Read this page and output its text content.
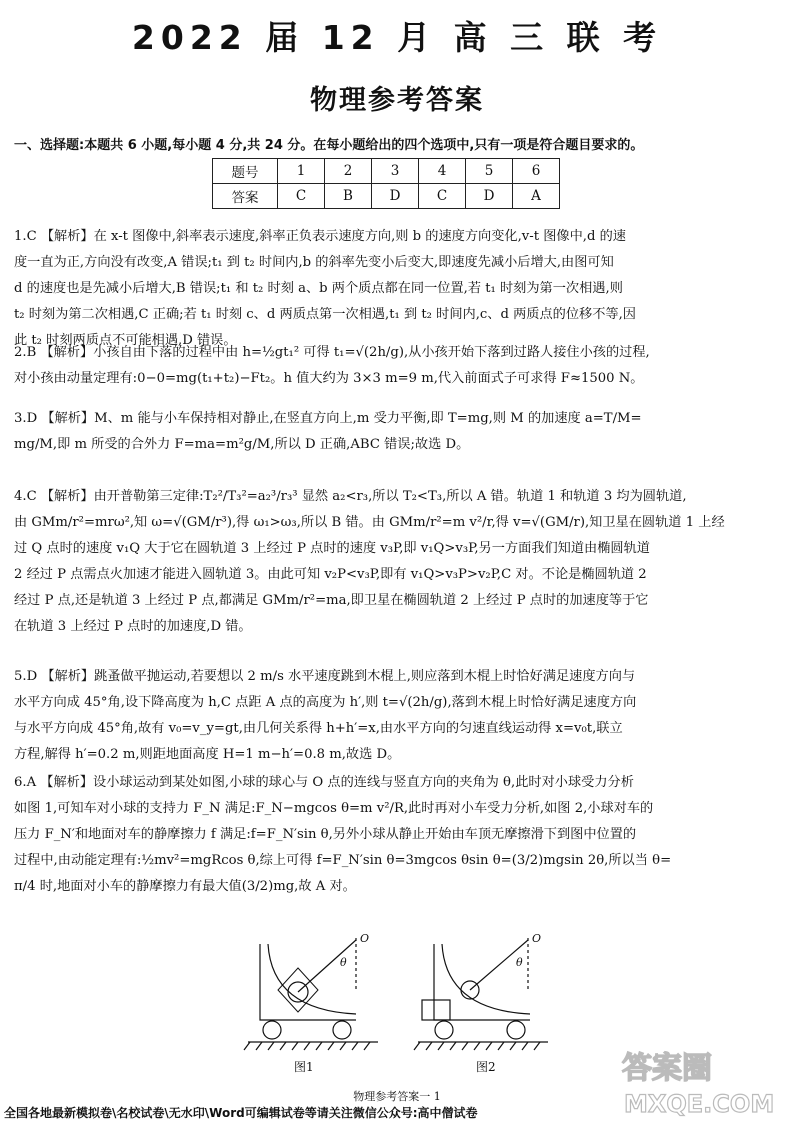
2022 届 12 月 高 三 联 考
物理参考答案
一、选择题:本题共 6 小题,每小题 4 分,共 24 分。在每小题给出的四个选项中,只有一项是符合题目要求的。
题号	1	2	3	4	5	6
答案	C	B	D	C	D	A

1.C 【解析】在 x-t 图像中,斜率表示速度,斜率正负表示速度方向,则 b 的速度方向变化,v-t 图像中,d 的速

度一直为正,方向没有改变,A 错误;t₁ 到 t₂ 时间内,b 的斜率先变小后变大,即速度先减小后增大,由图可知

d 的速度也是先减小后增大,B 错误;t₁ 和 t₂ 时刻 a、b 两个质点都在同一位置,若 t₁ 时刻为第一次相遇,则

t₂ 时刻为第二次相遇,C 正确;若 t₁ 时刻 c、d 两质点第一次相遇,t₁ 到 t₂ 时间内,c、d 两质点的位移不等,因

此 t₂ 时刻两质点不可能相遇,D 错误。

2.B 【解析】小孩自由下落的过程中由 h=½gt₁² 可得 t₁=√(2h/g),从小孩开始下落到过路人接住小孩的过程,

对小孩由动量定理有:0−0=mg(t₁+t₂)−Ft₂。h 值大约为 3×3 m=9 m,代入前面式子可求得 F≈1500 N。

3.D 【解析】M、m 能与小车保持相对静止,在竖直方向上,m 受力平衡,即 T=mg,则 M 的加速度 a=T/M=

mg/M,即 m 所受的合外力 F=ma=m²g/M,所以 D 正确,ABC 错误;故选 D。

4.C 【解析】由开普勒第三定律:T₂²/T₃²=a₂³/r₃³ 显然 a₂<r₃,所以 T₂<T₃,所以 A 错。轨道 1 和轨道 3 均为圆轨道,

由 GMm/r²=mrω²,知 ω=√(GM/r³),得 ω₁>ω₃,所以 B 错。由 GMm/r²=m v²/r,得 v=√(GM/r),知卫星在圆轨道 1 上经

过 Q 点时的速度 v₁Q 大于它在圆轨道 3 上经过 P 点时的速度 v₃P,即 v₁Q>v₃P,另一方面我们知道由椭圆轨道

2 经过 P 点需点火加速才能进入圆轨道 3。由此可知 v₂P<v₃P,即有 v₁Q>v₃P>v₂P,C 对。不论是椭圆轨道 2

经过 P 点,还是轨道 3 上经过 P 点,都满足 GMm/r²=ma,即卫星在椭圆轨道 2 上经过 P 点时的加速度等于它

在轨道 3 上经过 P 点时的加速度,D 错。

5.D 【解析】跳蚤做平抛运动,若要想以 2 m/s 水平速度跳到木棍上,则应落到木棍上时恰好满足速度方向与

水平方向成 45°角,设下降高度为 h,C 点距 A 点的高度为 h′,则 t=√(2h/g),落到木棍上时恰好满足速度方向

与水平方向成 45°角,故有 v₀=v_y=gt,由几何关系得 h+h′=x,由水平方向的匀速直线运动得 x=v₀t,联立

方程,解得 h′=0.2 m,则距地面高度 H=1 m−h′=0.8 m,故选 D。

6.A 【解析】设小球运动到某处如图,小球的球心与 O 点的连线与竖直方向的夹角为 θ,此时对小球受力分析

如图 1,可知车对小球的支持力 F_N 满足:F_N−mgcos θ=m v²/R,此时再对小车受力分析,如图 2,小球对车的

压力 F_N′和地面对车的静摩擦力 f 满足:f=F_N′sin θ,另外小球从静止开始由车顶无摩擦滑下到图中位置的

过程中,由动能定理有:½mv²=mgRcos θ,综上可得 f=F_N′sin θ=3mgcos θsin θ=(3/2)mgsin 2θ,所以当 θ=

π/4 时,地面对小车的静摩擦力有最大值(3/2)mg,故 A 对。

O
θ
O
θ
图1	图2
物理参考答案一 1
全国各地最新模拟卷\名校试卷\无水印\Word可编辑试卷等请关注微信公众号:高中僧试卷
答案圈
MXQE.COM
